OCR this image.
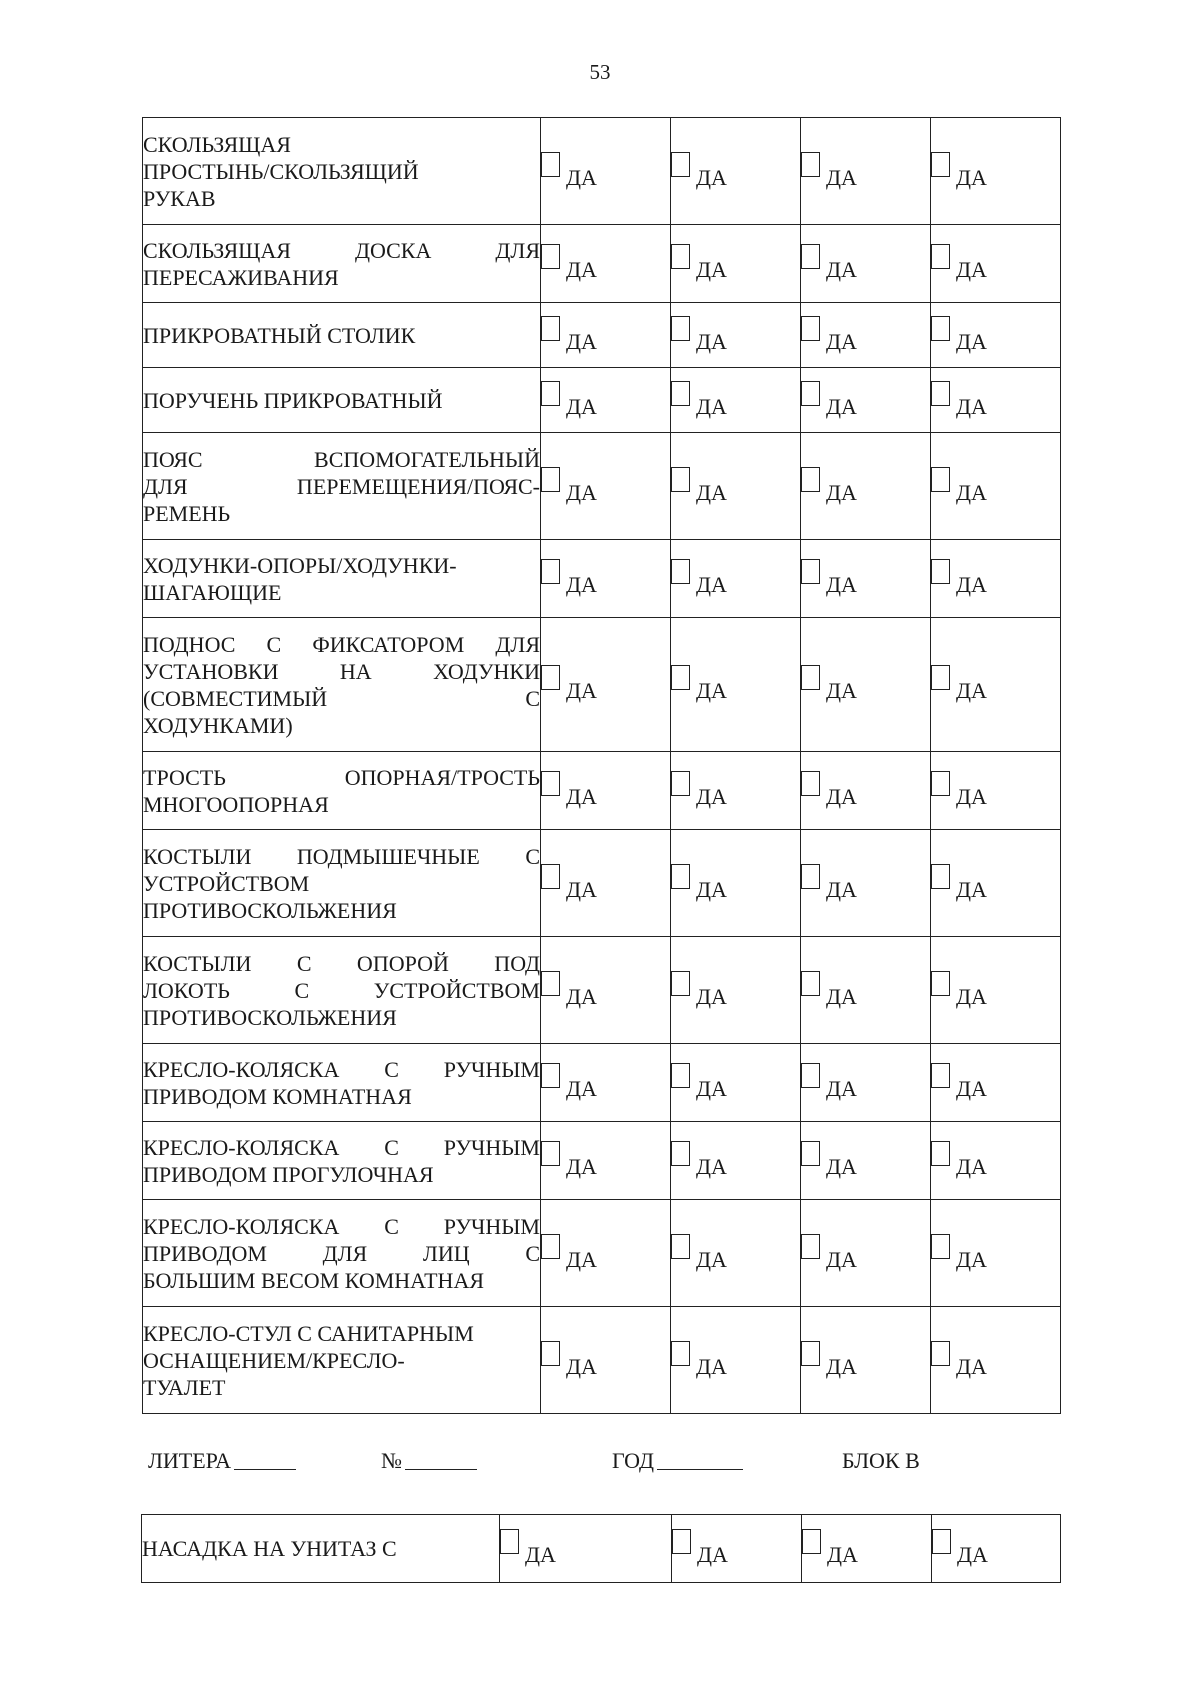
53
СКОЛЬЗЯЩАЯ
ПРОСТЫНЬ/СКОЛЬЗЯЩИЙ
РУКАВ	ДА	ДА	ДА	ДА

СКОЛЬЗЯЩАЯ ДОСКА ДЛЯ
ПЕРЕСАЖИВАНИЯ	ДА	ДА	ДА	ДА

ПРИКРОВАТНЫЙ СТОЛИК	ДА	ДА	ДА	ДА

ПОРУЧЕНЬ ПРИКРОВАТНЫЙ	ДА	ДА	ДА	ДА

ПОЯС ВСПОМОГАТЕЛЬНЫЙ
ДЛЯ ПЕРЕМЕЩЕНИЯ/ПОЯС-
РЕМЕНЬ	ДА	ДА	ДА	ДА

ХОДУНКИ-ОПОРЫ/ХОДУНКИ-
ШАГАЮЩИЕ	ДА	ДА	ДА	ДА

ПОДНОС С ФИКСАТОРОМ ДЛЯ
УСТАНОВКИ НА ХОДУНКИ
(СОВМЕСТИМЫЙ С
ХОДУНКАМИ)	ДА	ДА	ДА	ДА

ТРОСТЬ ОПОРНАЯ/ТРОСТЬ
МНОГООПОРНАЯ	ДА	ДА	ДА	ДА

КОСТЫЛИ ПОДМЫШЕЧНЫЕ С
УСТРОЙСТВОМ
ПРОТИВОСКОЛЬЖЕНИЯ	ДА	ДА	ДА	ДА

КОСТЫЛИ С ОПОРОЙ ПОД
ЛОКОТЬ С УСТРОЙСТВОМ
ПРОТИВОСКОЛЬЖЕНИЯ	ДА	ДА	ДА	ДА

КРЕСЛО-КОЛЯСКА С РУЧНЫМ
ПРИВОДОМ КОМНАТНАЯ	ДА	ДА	ДА	ДА

КРЕСЛО-КОЛЯСКА С РУЧНЫМ
ПРИВОДОМ ПРОГУЛОЧНАЯ	ДА	ДА	ДА	ДА

КРЕСЛО-КОЛЯСКА С РУЧНЫМ
ПРИВОДОМ ДЛЯ ЛИЦ С
БОЛЬШИМ ВЕСОМ КОМНАТНАЯ	ДА	ДА	ДА	ДА

КРЕСЛО-СТУЛ С САНИТАРНЫМ
ОСНАЩЕНИЕМ/КРЕСЛО-
ТУАЛЕТ	ДА	ДА	ДА	ДА
ЛИТЕРА	№	ГОД	БЛОК В
НАСАДКА НА УНИТАЗ С	ДА	ДА	ДА	ДА
